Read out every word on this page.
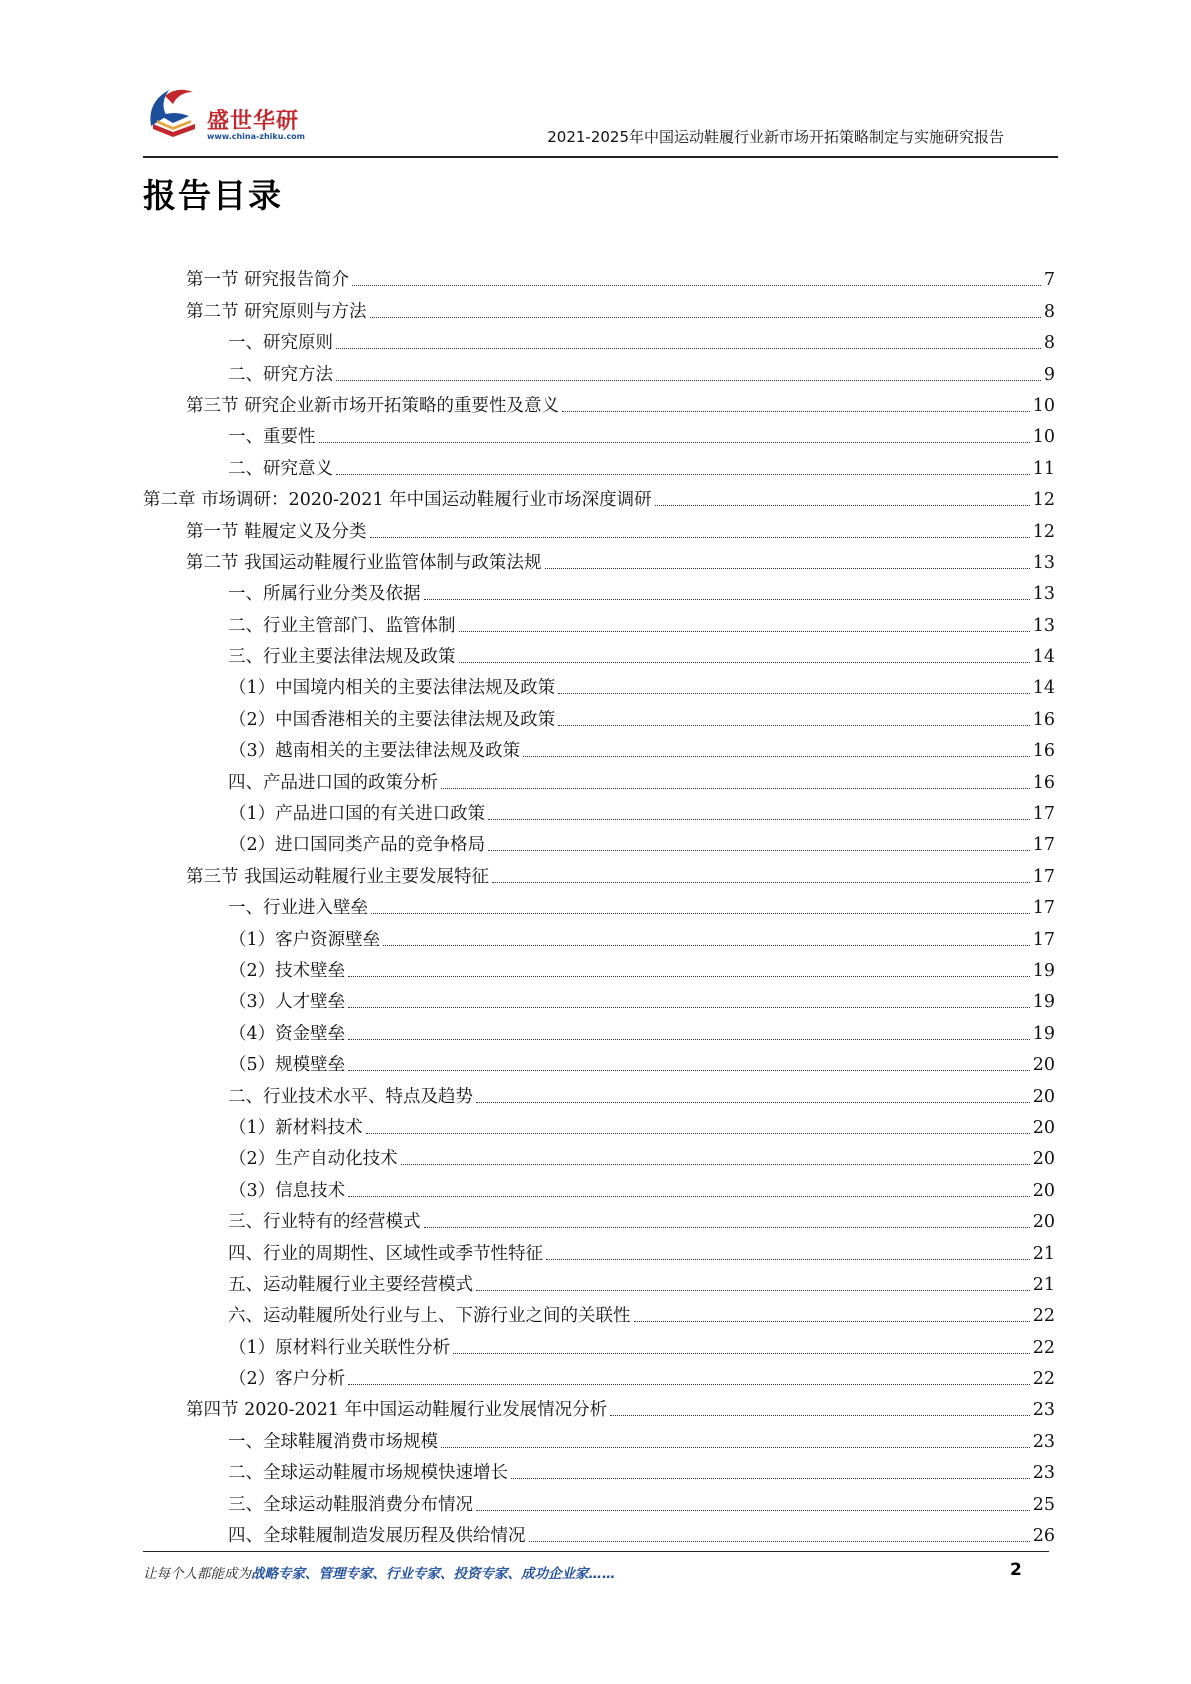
盛世华研
www.china-zhiku.com	2021-2025年中国运动鞋履行业新市场开拓策略制定与实施研究报告
报告目录
第一节 研究报告简介	7
第二节 研究原则与方法	8
一、研究原则	8
二、研究方法	9
第三节 研究企业新市场开拓策略的重要性及意义	10
一、重要性	10
二、研究意义	11
第二章 市场调研：2020-2021 年中国运动鞋履行业市场深度调研	12
第一节 鞋履定义及分类	12
第二节 我国运动鞋履行业监管体制与政策法规	13
一、所属行业分类及依据	13
二、行业主管部门、监管体制	13
三、行业主要法律法规及政策	14
（1）中国境内相关的主要法律法规及政策	14
（2）中国香港相关的主要法律法规及政策	16
（3）越南相关的主要法律法规及政策	16
四、产品进口国的政策分析	16
（1）产品进口国的有关进口政策	17
（2）进口国同类产品的竞争格局	17
第三节 我国运动鞋履行业主要发展特征	17
一、行业进入壁垒	17
（1）客户资源壁垒	17
（2）技术壁垒	19
（3）人才壁垒	19
（4）资金壁垒	19
（5）规模壁垒	20
二、行业技术水平、特点及趋势	20
（1）新材料技术	20
（2）生产自动化技术	20
（3）信息技术	20
三、行业特有的经营模式	20
四、行业的周期性、区域性或季节性特征	21
五、运动鞋履行业主要经营模式	21
六、运动鞋履所处行业与上、下游行业之间的关联性	22
（1）原材料行业关联性分析	22
（2）客户分析	22
第四节 2020-2021 年中国运动鞋履行业发展情况分析	23
一、全球鞋履消费市场规模	23
二、全球运动鞋履市场规模快速增长	23
三、全球运动鞋服消费分布情况	25
四、全球鞋履制造发展历程及供给情况	26
让每个人都能成为战略专家、管理专家、行业专家、投资专家、成功企业家……	2
